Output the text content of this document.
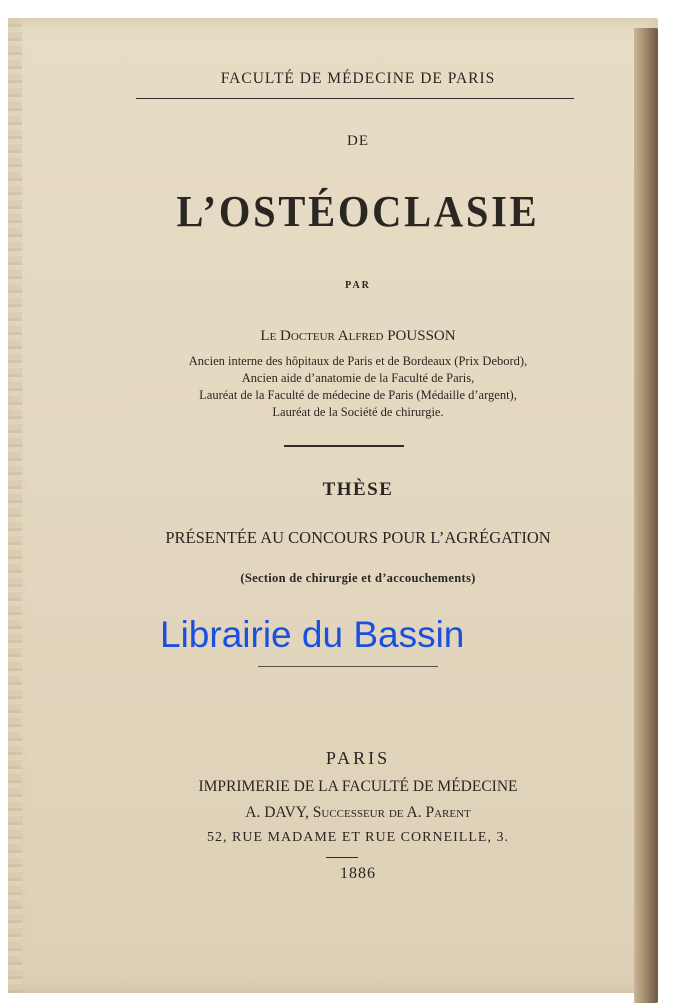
FACULTÉ DE MÉDECINE DE PARIS
DE
L’OSTÉOCLASIE
PAR
Le Docteur Alfred POUSSON
Ancien interne des hôpitaux de Paris et de Bordeaux (Prix Debord),
Ancien aide d’anatomie de la Faculté de Paris,
Lauréat de la Faculté de médecine de Paris (Médaille d’argent),
Lauréat de la Société de chirurgie.
THÈSE
PRÉSENTÉE AU CONCOURS POUR L’AGRÉGATION
(Section de chirurgie et d’accouchements)
PARIS
IMPRIMERIE DE LA FACULTÉ DE MÉDECINE
A. DAVY, Successeur de A. Parent
52, RUE MADAME ET RUE CORNEILLE, 3.
1886
Librairie du Bassin
